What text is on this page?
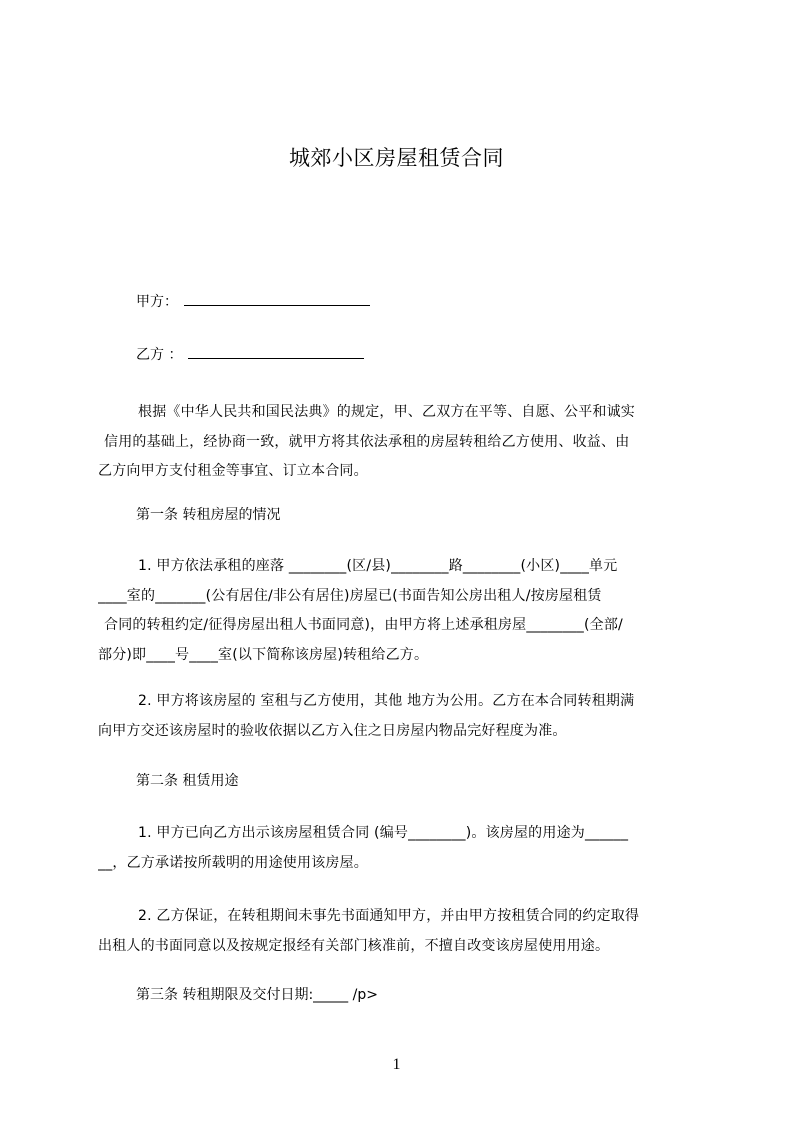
城郊小区房屋租赁合同
甲方：
乙方 ：

根据《中华人民共和国民法典》的规定，甲、乙双方在平等、自愿、公平和诚实

信用的基础上，经协商一致，就甲方将其依法承租的房屋转租给乙方使用、收益、由

乙方向甲方支付租金等事宜、订立本合同。

第一条 转租房屋的情况

1. 甲方依法承租的座落 ________(区/县)________路________(小区)____单元

____室的_______(公有居住/非公有居住)房屋已(书面告知公房出租人/按房屋租赁

合同的转租约定/征得房屋出租人书面同意)，由甲方将上述承租房屋________(全部/

部分)即____号____室(以下简称该房屋)转租给乙方。

2. 甲方将该房屋的 室租与乙方使用，其他 地方为公用。乙方在本合同转租期满

向甲方交还该房屋时的验收依据以乙方入住之日房屋内物品完好程度为准。

第二条 租赁用途

1. 甲方已向乙方出示该房屋租赁合同 (编号________)。该房屋的用途为______

__，乙方承诺按所载明的用途使用该房屋。

2. 乙方保证，在转租期间未事先书面通知甲方，并由甲方按租赁合同的约定取得

出租人的书面同意以及按规定报经有关部门核准前，不擅自改变该房屋使用用途。

第三条 转租期限及交付日期:_____ /p>
1
